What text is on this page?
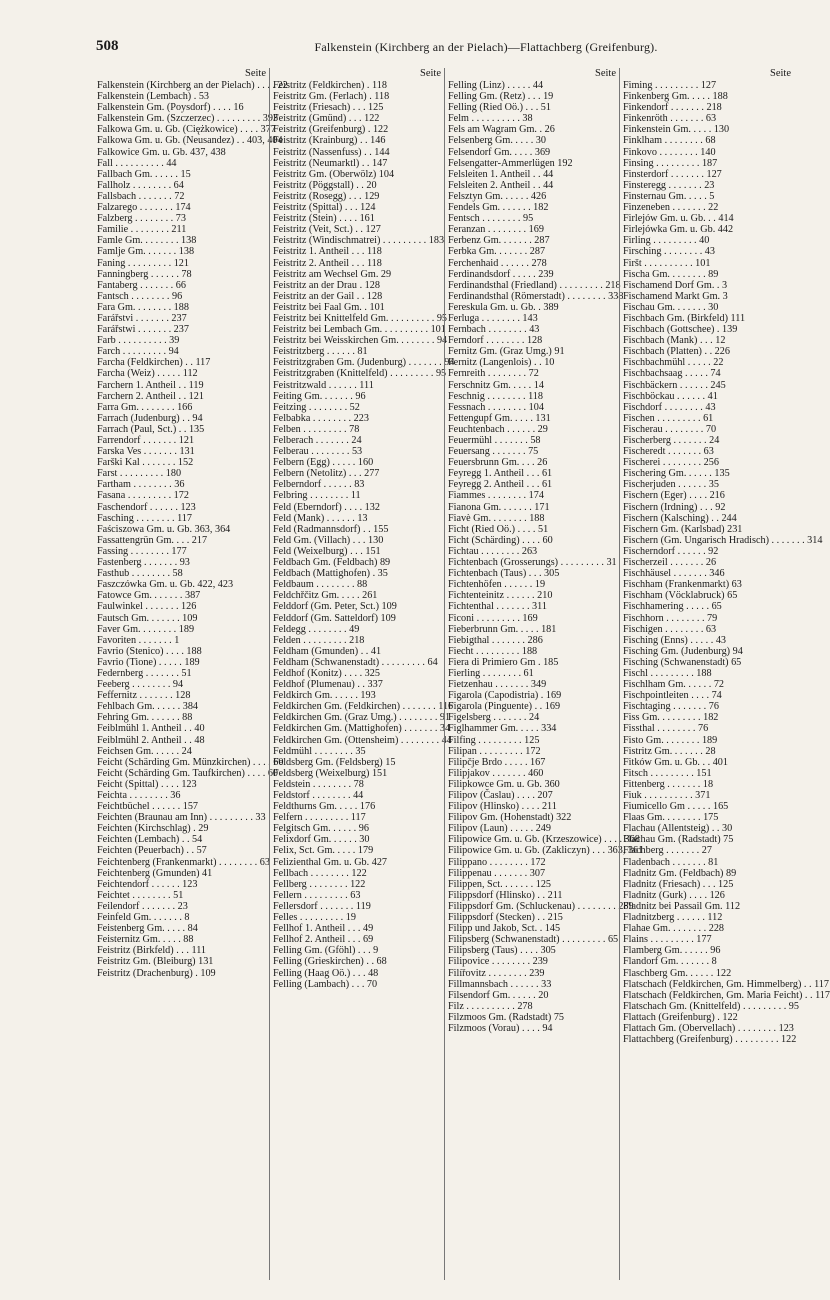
508	Falkenstein (Kirchberg an der Pielach)—Flattachberg (Greifenburg).
Seite
Falkenstein (Kirchberg an der Pielach) . . . . 22
Falkenstein (Lembach) . 53
Falkenstein Gm. (Poysdorf) . . . . 16
Falkenstein Gm. (Szczerzec) . . . . . . . . . 393
Falkowa Gm. u. Gb. (Ciężkowice) . . . . 377
Falkowa Gm. u. Gb. (Neusandez) . . 403, 404
Falkowice Gm. u. Gb. 437, 438
Fall . . . . . . . . . . 44
Fallbach Gm. . . . . . 15
Fallholz . . . . . . . . 64
Fallsbach . . . . . . . 72
Falzarego . . . . . . . 174
Falzberg . . . . . . . . 73
Familie . . . . . . . . 211
Famle Gm. . . . . . . . 138
Famlje Gm. . . . . . . 138
Faning . . . . . . . . . 121
Fanningberg . . . . . . 78
Fantaberg . . . . . . . 66
Fantsch . . . . . . . . 96
Fara Gm. . . . . . . . 188
Farářstvi . . . . . . . 237
Farářstwi . . . . . . . 237
Farb . . . . . . . . . . 39
Farch . . . . . . . . . 94
Farcha (Feldkirchen) . . 117
Farcha (Weiz) . . . . . 112
Farchern 1. Antheil . . 119
Farchern 2. Antheil . . 121
Farra Gm. . . . . . . . 166
Farrach (Judenburg) . . 94
Farrach (Paul, Sct.) . . 135
Farrendorf . . . . . . . 121
Farska Ves . . . . . . . 131
Farški Kal . . . . . . . 152
Farst . . . . . . . . . 180
Fartham . . . . . . . . 36
Fasana . . . . . . . . . 172
Faschendorf . . . . . . 123
Fasching . . . . . . . . 117
Faściszowa Gm. u. Gb. 363, 364
Fassattengrün Gm. . . . 217
Fassing . . . . . . . . 177
Fastenberg . . . . . . . 93
Fasthub . . . . . . . . 58
Faszczówka Gm. u. Gb. 422, 423
Fatowce Gm. . . . . . . 387
Faulwinkel . . . . . . . 126
Fautsch Gm. . . . . . . 109
Faver Gm. . . . . . . . 189
Favoriten . . . . . . . 1
Favrio (Stenico) . . . . 188
Favrio (Tione) . . . . . 189
Federnberg . . . . . . . 51
Feeberg . . . . . . . . 94
Feffernitz . . . . . . . 128
Fehlbach Gm. . . . . . 384
Fehring Gm. . . . . . . 88
Feiblmühl 1. Antheil . . 40
Feiblmühl 2. Antheil . . 48
Feichsen Gm. . . . . . 24
Feicht (Schärding Gm. Münzkirchen) . . . . 60
Feicht (Schärding Gm. Taufkirchen) . . . . 60
Feicht (Spittal) . . . . 123
Feichta . . . . . . . . 36
Feichtbüchel . . . . . . 157
Feichten (Braunau am Inn) . . . . . . . . . 33
Feichten (Kirchschlag) . 29
Feichten (Lembach) . . 54
Feichten (Peuerbach) . . 57
Feichtenberg (Frankenmarkt) . . . . . . . . 63
Feichtenberg (Gmunden) 41
Feichtendorf . . . . . . 123
Feichtet . . . . . . . . 51
Feilendorf . . . . . . . 23
Feinfeld Gm. . . . . . . 8
Feistenberg Gm. . . . . 84
Feisternitz Gm. . . . . 88
Feistritz (Birkfeld) . . . 111
Feistritz Gm. (Bleiburg) 131
Feistritz (Drachenburg) . 109
Seite
Feistritz (Feldkirchen) . 118
Feistritz Gm. (Ferlach) . 118
Feistritz (Friesach) . . . 125
Feistritz (Gmünd) . . . 122
Feistritz (Greifenburg) . 122
Feistritz (Krainburg) . . 146
Feistritz (Nassenfuss) . . 144
Feistritz (Neumarktl) . . 147
Feistritz Gm. (Oberwölz) 104
Feistritz (Pöggstall) . . 20
Feistritz (Rosegg) . . . 129
Feistritz (Spittal) . . . 124
Feistritz (Stein) . . . . 161
Feistritz (Veit, Sct.) . . 127
Feistritz (Windischmatrei) . . . . . . . . . 183
Feistritz 1. Antheil . . . 118
Feistritz 2. Antheil . . . 118
Feistritz am Wechsel Gm. 29
Feistritz an der Drau . 128
Feistritz an der Gail . . 128
Feistritz bei Faal Gm. . 101
Feistritz bei Knittelfeld Gm. . . . . . . . . . 95
Feistritz bei Lembach Gm. . . . . . . . . . 101
Feistritz bei Weisskirchen Gm. . . . . . . . 94
Feistritzberg . . . . . . 81
Feistritzgraben Gm. (Judenburg) . . . . . . . 94
Feistritzgraben (Knittelfeld) . . . . . . . . . 95
Feistritzwald . . . . . . 111
Feiting Gm. . . . . . . 96
Feitzing . . . . . . . . 52
Felbabka . . . . . . . . 223
Felben . . . . . . . . . 78
Felberach . . . . . . . 24
Felberau . . . . . . . . 53
Felbern (Egg) . . . . . 160
Felbern (Netolitz) . . . 277
Felberndorf . . . . . . 83
Felbring . . . . . . . . 11
Feld (Eberndorf) . . . . 132
Feld (Mank) . . . . . . 13
Feld (Radmannsdorf) . . 155
Feld Gm. (Villach) . . . 130
Feld (Weixelburg) . . . 151
Feldbach Gm. (Feldbach) 89
Feldbach (Mattighofen) . 35
Feldbaum . . . . . . . . 88
Feldchřčitz Gm. . . . . 261
Felddorf (Gm. Peter, Sct.) 109
Felddorf (Gm. Satteldorf) 109
Feldegg . . . . . . . . 49
Felden . . . . . . . . . 218
Feldham (Gmunden) . . 41
Feldham (Schwanenstadt) . . . . . . . . . 64
Feldhof (Konitz) . . . . 325
Feldhof (Plumenau) . . 337
Feldkirch Gm. . . . . . 193
Feldkirchen Gm. (Feldkirchen) . . . . . . . 116
Feldkirchen Gm. (Graz Umg.) . . . . . . . . 91
Feldkirchen Gm. (Mattighofen) . . . . . . . 34
Feldkirchen Gm. (Ottensheim) . . . . . . . . 44
Feldmühl . . . . . . . . 35
Feldsberg Gm. (Feldsberg) 15
Feldsberg (Weixelburg) 151
Feldstein . . . . . . . . 78
Feldstorf . . . . . . . . 44
Feldthurns Gm. . . . . 176
Felfern . . . . . . . . . 117
Felgitsch Gm. . . . . . 96
Felixdorf Gm. . . . . . 30
Felix, Sct. Gm. . . . . 179
Felizienthal Gm. u. Gb. 427
Fellbach . . . . . . . . 122
Fellberg . . . . . . . . 122
Fellern . . . . . . . . . 63
Fellersdorf . . . . . . . 119
Felles . . . . . . . . . 19
Fellhof 1. Antheil . . . 49
Fellhof 2. Antheil . . . 69
Felling Gm. (Gföhl) . . . 9
Felling (Grieskirchen) . . 68
Felling (Haag Oö.) . . . 48
Felling (Lambach) . . . 70
Seite
Felling (Linz) . . . . . 44
Felling Gm. (Retz) . . . 19
Felling (Ried Oö.) . . . 51
Felm . . . . . . . . . . 38
Fels am Wagram Gm. . 26
Felsenberg Gm. . . . . 30
Felsendorf Gm. . . . . 369
Felsengatter-Ammerlügen 192
Felsleiten 1. Antheil . . 44
Felsleiten 2. Antheil . . 44
Felsztyn Gm. . . . . . 426
Fendels Gm. . . . . . . 182
Fentsch . . . . . . . . 95
Feranzan . . . . . . . . 169
Ferbenz Gm. . . . . . . 287
Ferbka Gm. . . . . . . 287
Ferchenhaid . . . . . . 278
Ferdinandsdorf . . . . . 239
Ferdinandsthal (Friedland) . . . . . . . . . 218
Ferdinandsthal (Römerstadt) . . . . . . . . 338
Fereskula Gm. u. Gb. . 389
Ferluga . . . . . . . . 143
Fernbach . . . . . . . . 43
Ferndorf . . . . . . . . 128
Fernitz Gm. (Graz Umg.) 91
Fernitz (Langenlois) . . 10
Fernreith . . . . . . . . 72
Ferschnitz Gm. . . . . 14
Feschnig . . . . . . . . 118
Fessnach . . . . . . . . 104
Fettengupf Gm. . . . . 131
Feuchtenbach . . . . . . 29
Feuermühl . . . . . . . 58
Feuersang . . . . . . . 75
Feuersbrunn Gm. . . . 26
Feyregg 1. Antheil . . . 61
Feyregg 2. Antheil . . . 61
Fiammes . . . . . . . . 174
Fianona Gm. . . . . . . 171
Fiavè Gm. . . . . . . . 188
Ficht (Ried Oö.) . . . . 51
Ficht (Schärding) . . . . 60
Fichtau . . . . . . . . 263
Fichtenbach (Grosserungs) . . . . . . . . . 31
Fichtenbach (Taus) . . . 305
Fichtenhöfen . . . . . . 19
Fichtenteinitz . . . . . . 210
Fichtenthal . . . . . . . 311
Ficoni . . . . . . . . . 169
Fieberbrunn Gm. . . . . 181
Fiebigthal . . . . . . . 286
Fiecht . . . . . . . . . 188
Fiera di Primiero Gm . 185
Fierling . . . . . . . . 61
Fietzenhau . . . . . . . 349
Figarola (Capodistria) . 169
Figarola (Pinguente) . . 169
Figelsberg . . . . . . . 24
Figlhammer Gm. . . . . 334
Filfing . . . . . . . . . 125
Filipan . . . . . . . . . 172
Filipčje Brdo . . . . . 167
Filipjakov . . . . . . . 460
Filipkowce Gm. u. Gb. 360
Filipov (Časlau) . . . . 207
Filipov (Hlinsko) . . . . 211
Filipov Gm. (Hohenstadt) 322
Filipov (Laun) . . . . . 249
Filipowice Gm. u. Gb. (Krzeszowice) . . . . 368
Filipowice Gm. u. Gb. (Zakliczyn) . . . 363, 361
Filippano . . . . . . . . 172
Filippenau . . . . . . . 307
Filippen, Sct. . . . . . . 125
Filippsdorf (Hlinsko) . . 211
Filippsdorf Gm. (Schluckenau) . . . . . . . . 289
Filippsdorf (Stecken) . . 215
Filipp und Jakob, Sct. . 145
Filipsberg (Schwanenstadt) . . . . . . . . . 65
Filipsberg (Taus) . . . . 305
Filipovice . . . . . . . . 239
Filířovitz . . . . . . . . 239
Fillmannsbach . . . . . . 33
Filsendorf Gm. . . . . . 20
Filz . . . . . . . . . . 278
Filzmoos Gm. (Radstadt) 75
Filzmoos (Vorau) . . . . 94
Seite
Fiming . . . . . . . . . 127
Finkenberg Gm. . . . . 188
Finkendorf . . . . . . . 218
Finkenröth . . . . . . . 63
Finkenstein Gm. . . . . 130
Finklham . . . . . . . . 68
Finkovo . . . . . . . . 140
Finsing . . . . . . . . . 187
Finsterdorf . . . . . . . 127
Finsteregg . . . . . . . 23
Finsternau Gm. . . . . 5
Finzeneben . . . . . . . 22
Firlejów Gm. u. Gb. . . 414
Firlejówka Gm. u. Gb. 442
Firling . . . . . . . . . 40
Firsching . . . . . . . . 43
Firšt . . . . . . . . . . 101
Fischa Gm. . . . . . . . 89
Fischamend Dorf Gm. . 3
Fischamend Markt Gm. 3
Fischau Gm. . . . . . . 30
Fischbach Gm. (Birkfeld) 111
Fischbach (Gottschee) . 139
Fischbach (Mank) . . . 12
Fischbach (Platten) . . 226
Fischbachmühl . . . . . 22
Fischbachsaag . . . . . 74
Fischbäckern . . . . . . 245
Fischböckau . . . . . . 41
Fischdorf . . . . . . . . 43
Fischen . . . . . . . . . 61
Fischerau . . . . . . . . 70
Fischerberg . . . . . . . 24
Fischeredt . . . . . . . 63
Fischerei . . . . . . . . 256
Fischering Gm. . . . . . 135
Fischerjuden . . . . . . 35
Fischern (Eger) . . . . 216
Fischern (Irdning) . . . 92
Fischern (Kalsching) . . 244
Fischern Gm. (Karlsbad) 231
Fischern (Gm. Ungarisch Hradisch) . . . . . . . 314
Fischerndorf . . . . . . 92
Fischerzeil . . . . . . . 26
Fischhäusel . . . . . . . 346
Fischham (Frankenmarkt) 63
Fischham (Vöcklabruck) 65
Fischhamering . . . . . 65
Fischhorn . . . . . . . . 79
Fischigen . . . . . . . . 63
Fisching (Enns) . . . . . 43
Fisching Gm. (Judenburg) 94
Fisching (Schwanenstadt) 65
Fischl . . . . . . . . . 188
Fischlham Gm. . . . . . 72
Fischpointleiten . . . . 74
Fischtaging . . . . . . . 76
Fiss Gm. . . . . . . . . 182
Fissthal . . . . . . . . 76
Fisto Gm. . . . . . . . 189
Fistritz Gm. . . . . . . 28
Fitków Gm. u. Gb. . . 401
Fitsch . . . . . . . . . 151
Fittenberg . . . . . . . 18
Fiuk . . . . . . . . . . 371
Fiumicello Gm . . . . . 165
Flaas Gm. . . . . . . . 175
Flachau (Allentsteig) . . 30
Flachau Gm. (Radstadt) 75
Flachberg . . . . . . . 27
Fladenbach . . . . . . . 81
Fladnitz Gm. (Feldbach) 89
Fladnitz (Friesach) . . . 125
Fladnitz (Gurk) . . . . 126
Fladnitz bei Passail Gm. 112
Fladnitzberg . . . . . . 112
Flahae Gm. . . . . . . . 228
Flains . . . . . . . . . 177
Flamberg Gm. . . . . . 96
Flandorf Gm. . . . . . . 8
Flaschberg Gm. . . . . . 122
Flatschach (Feldkirchen, Gm. Himmelberg) . . 117
Flatschach (Feldkirchen, Gm. Maria Feicht) . . 117
Flatschach Gm. (Knittelfeld) . . . . . . . . . 95
Flattach (Greifenburg) . 122
Flattach Gm. (Obervellach) . . . . . . . . 123
Flattachberg (Greifenburg) . . . . . . . . . 122
